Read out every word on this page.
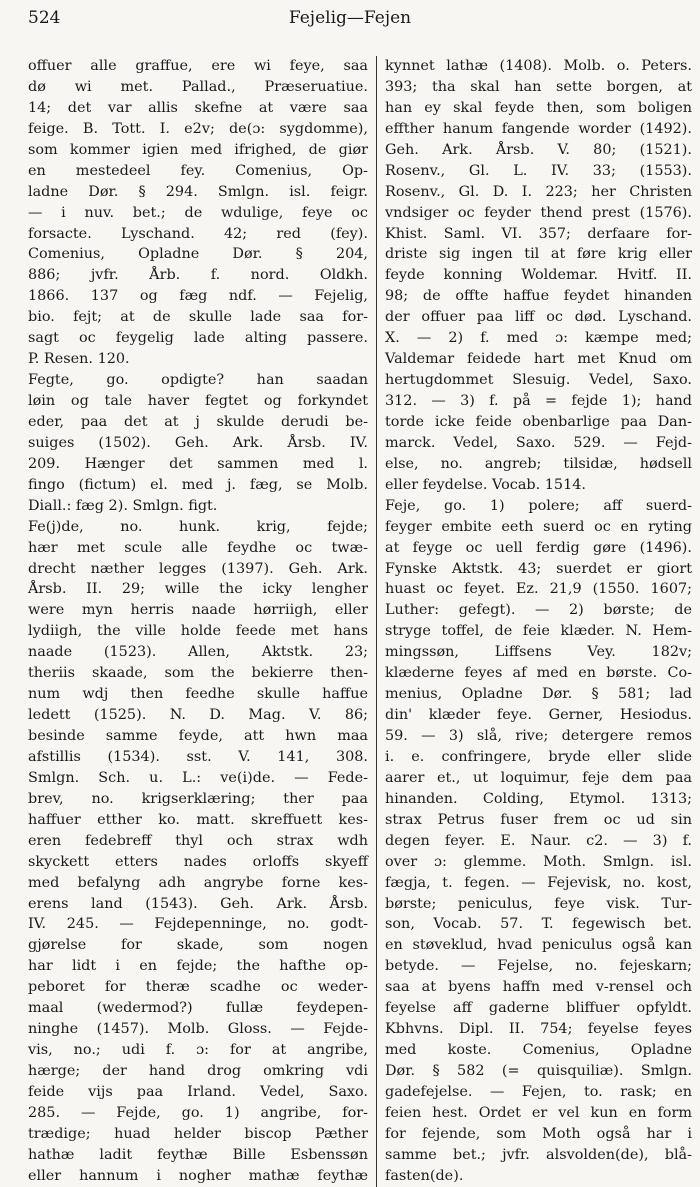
524	Fejelig—Fejen
offuer alle graffue, ere wi feye, saa
dø wi met. Pallad., Præseruatiue.
14; det var allis skefne at være saa
feige. B. Tott. I. e2v; de(ɔ: sygdomme),
som kommer igien med ifrighed, de giør
en mestedeel fey. Comenius, Op-
ladne Dør. § 294. Smlgn. isl. feigr.
— i nuv. bet.; de wdulige, feye oc
forsacte. Lyschand. 42; red (fey).
Comenius, Opladne Dør. § 204,
886; jvfr. Årb. f. nord. Oldkh.
1866. 137 og fæg ndf. — Fejelig,
bio. fejt; at de skulle lade saa for-
sagt oc feygelig lade alting passere.
P. Resen. 120.
Fegte, go. opdigte? han saadan
løin og tale haver fegtet og forkyndet
eder, paa det at j skulde derudi be-
suiges (1502). Geh. Ark. Årsb. IV.
209. Hænger det sammen med l.
fingo (fictum) el. med j. fæg, se Molb.
Diall.: fæg 2). Smlgn. figt.
Fe(j)de, no. hunk. krig, fejde;
hær met scule alle feydhe oc twæ-
drecht næther legges (1397). Geh. Ark.
Årsb. II. 29; wille the icky lengher
were myn herris naade hørriigh, eller
lydiigh, the ville holde feede met hans
naade (1523). Allen, Aktstk. 23;
theriis skaade, som the bekierre then-
num wdj then feedhe skulle haffue
ledett (1525). N. D. Mag. V. 86;
besinde samme feyde, att hwn maa
afstillis (1534). sst. V. 141, 308.
Smlgn. Sch. u. L.: ve(i)de. — Fede-
brev, no. krigserklæring; ther paa
haffuer etther ko. matt. skreffuett kes-
eren fedebreff thyl och strax wdh
skyckett etters nades orloffs skyeff
med befalyng adh angrybe forne kes-
erens land (1543). Geh. Ark. Årsb.
IV. 245. — Fejdepenninge, no. godt-
gjørelse for skade, som nogen
har lidt i en fejde; the hafthe op-
peboret for theræ scadhe oc weder-
maal (wedermod?) fullæ feydepen-
ninghe (1457). Molb. Gloss. — Fejde-
vis, no.; udi f. ɔ: for at angribe,
hærge; der hand drog omkring vdi
feide vijs paa Irland. Vedel, Saxo.
285. — Fejde, go. 1) angribe, for-
trædige; huad helder biscop Pæther
hathæ ladit feythæ Bille Esbenssøn
eller hannum i nogher mathæ feythæ
kynnet lathæ (1408). Molb. o. Peters.
393; tha skal han sette borgen, at
han ey skal feyde then, som boligen
effther hanum fangende worder (1492).
Geh. Ark. Årsb. V. 80; (1521).
Rosenv., Gl. L. IV. 33; (1553).
Rosenv., Gl. D. I. 223; her Christen
vndsiger oc feyder thend prest (1576).
Khist. Saml. VI. 357; derfaare for-
driste sig ingen til at føre krig eller
feyde konning Woldemar. Hvitf. II.
98; de offte haffue feydet hinanden
der offuer paa liff oc død. Lyschand.
X. — 2) f. med ɔ: kæmpe med;
Valdemar feidede hart met Knud om
hertugdommet Slesuig. Vedel, Saxo.
312. — 3) f. på = fejde 1); hand
torde icke feide obenbarlige paa Dan-
marck. Vedel, Saxo. 529. — Fejd-
else, no. angreb; tilsidæ, hødsell
eller feydelse. Vocab. 1514.
Feje, go. 1) polere; aff suerd-
feyger embite eeth suerd oc en ryting
at feyge oc uell ferdig gøre (1496).
Fynske Aktstk. 43; suerdet er giort
huast oc feyet. Ez. 21,9 (1550. 1607;
Luther: gefegt). — 2) børste; de
stryge toffel, de feie klæder. N. Hem-
mingssøn, Liffsens Vey. 182v;
klæderne feyes af med en børste. Co-
menius, Opladne Dør. § 581; lad
din' klæder feye. Gerner, Hesiodus.
59. — 3) slå, rive; detergere remos
i. e. confringere, bryde eller slide
aarer et., ut loquimur, feje dem paa
hinanden. Colding, Etymol. 1313;
strax Petrus fuser frem oc ud sin
degen feyer. E. Naur. c2. — 3) f.
over ɔ: glemme. Moth. Smlgn. isl.
fægja, t. fegen. — Fejevisk, no. kost,
børste; peniculus, feye visk. Tur-
son, Vocab. 57. T. fegewisch bet.
en støveklud, hvad peniculus også kan
betyde. — Fejelse, no. fejeskarn;
saa at byens haffn med v-rensel och
feyelse aff gaderne bliffuer opfyldt.
Kbhvns. Dipl. II. 754; feyelse feyes
med koste. Comenius, Opladne
Dør. § 582 (= quisquiliæ). Smlgn.
gadefejelse. — Fejen, to. rask; en
feien hest. Ordet er vel kun en form
for fejende, som Moth også har i
samme bet.; jvfr. alsvolden(de), blå-
fasten(de).
